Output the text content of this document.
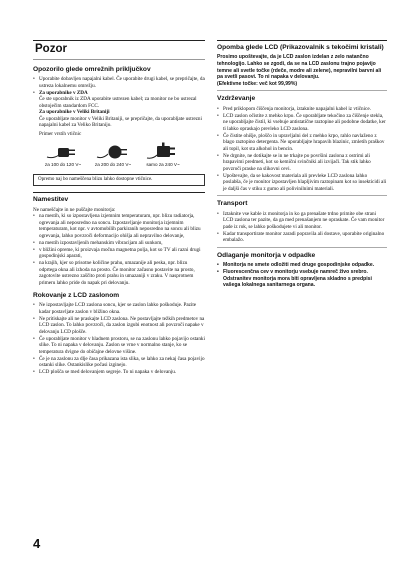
Pozor
Opozorilo glede omrežnih priključkov
• Uporabite dobavljen napajalni kabel. Če uporabite drugi kabel, se prepričajte, da ustreza lokalnemu omrežju.
• Za uporabnike v ZDA
Če ste uporabnik iz ZDA uporabite ustrezen kabel; za monitor ne bo ustrezal obstoječim standardom FCC.
Za uporabnike v Veliki Britaniji
Če uporabljate monitor v Veliki Britaniji, se prepričajte, da uporabljate ustrezni napajalni kabel za Veliko Britanijo.
Primer vrstih vtičnic
za 100 do 120 V~	za 200 do 240 V~	samo za 240 V~
Opremo naj bo nameščena blizu lahko dostopne vtičnice.
Namestitev

Ne nameščajte in ne puščajte monitorja:

• na mestih, ki so izpostavljena izjemnim temperaturam, npr. blizu radiatorja, ogrevanja ali neposredno na soncu. Izpostavljanje monitorja izjemnim temperaturam, kot npr. v avtomobilih parkiranih neposredno na soncu ali blizu ogrevanja, lahko povzroči deformacijo ohišja ali nepravilno delovanje,
• na mestih izpostavljenih mehanskim vibracijam ali sunkom,
• v bližini opreme, ki proizvaja močna magnetna polja, kot so TV ali razni drugi gospodinjski aparati,
• na krajih, kjer so prisotne količine prahu, umazanije ali peska, npr. blizu odprtega okna ali izhoda na prosto. Če monitor začasno postavite na prosto, zagotovite ustrezno zaščito proti prahu in umazaniji v zraku. V nasprotnem primeru lahko pride do napak pri delovanju.
Rokovanje z LCD zaslonom
• Ne izpostavljajte LCD zaslona soncu, kjer se zaslon lahko poškoduje. Pazite kadar postavljate zaslon v bližino okna.
• Ne pritiskajte ali ne praskajte LCD zaslona. Ne postavljajte težkih predmetov na LCD zaslon. To lahko povzroči, da zaslon izgubi enotnost ali povzroči napake v delovanju LCD plošče.
• Če uporabljate monitor v hladnem prostoru, se na zaslonu lahko pojavijo ostanki slike. To ni napaka v delovanju. Zaslon se vrne v normalno stanje, ko se temperatura dvigne do običajne delovne višine.
• Če je na zaslonu za dlje časa prikazana ista slika, se lahko za nekaj časa pojavijo ostanki slike. Ostankislike počasi izginejo.
• LCD plošča se med delovanjem segreje. To ni napaka v delovanju.
Opomba glede LCD (Prikazovalnik s tekočimi kristali)

Prosimo upoštevajte, da je LCD zaslon izdelan z zelo natančno tehnologijo. Lahko se zgodi, da se na LCD zaslonu trajno pojavijo temne ali svetle točke (rdeče, modre ali zelene), nepravilni barvni ali pa svetli pasovi. To ni napaka v delovanju.

(Efektivne točke: več kot 99,99%)

Vzdrževanje
• Pred priklopom čiščenja monitorja, iztaknite napajalni kabel iz vtičnice.
• LCD zaslon očistite z mehko krpo. Če uporabljate tekočino za čiščenje stekla, ne uporabljajte čistil, ki vsebuje antistatične raztopine ali podobne dodatke, ker ti lahko opraskajo prevleko LCD zaslona.
• Če čistite ohišje, ploščo in upravljalni del z mehko krpo, rahlo navlaženo z blago raztopino detergenta. Ne uporabljajte hrapavih blazinic, zmletih praškov ali topil, kot sta alkohol in bencin.
• Ne drgnite, ne dotikajte se in ne trkajte po površini zaslona z ostrimi ali hrapavimi predmeti, kot so kemični svinčniki ali izvijači. Tak stik lahko povzroči praske na slikovni cevi.
• Upoštevajte, da se kakovost materiala ali prevleke LCD zaslona lahko poslabša, če je monitor izpostavljen hlapljivim raztopinam kot so insekticidi ali je daljši čas v stiku z gumo ali polivinilnimi materiali.
Transport
• Iztaknite vse kable iz monitorja in ko ga prenašate trdno primite obe strani LCD zaslona ter pazite, da ga med prenašanjem ne opraskate. Če vam monitor pade iz rok, se lahko poškodujete vi ali monitor.
• Kadar transportirate monitor zaradi popravila ali dostave, uporabite originalno embalažo.
Odlaganje monitorja v odpadke
• Monitorja ne smete odložiti med druge gospodinjske odpadke.
• Fluorescenčna cev v monitorju vsebuje namreč živo srebro. Odstranitev monitorja mora biti opravljena skladno s predpisi vašega lokalnega sanitarnega organa.
4
